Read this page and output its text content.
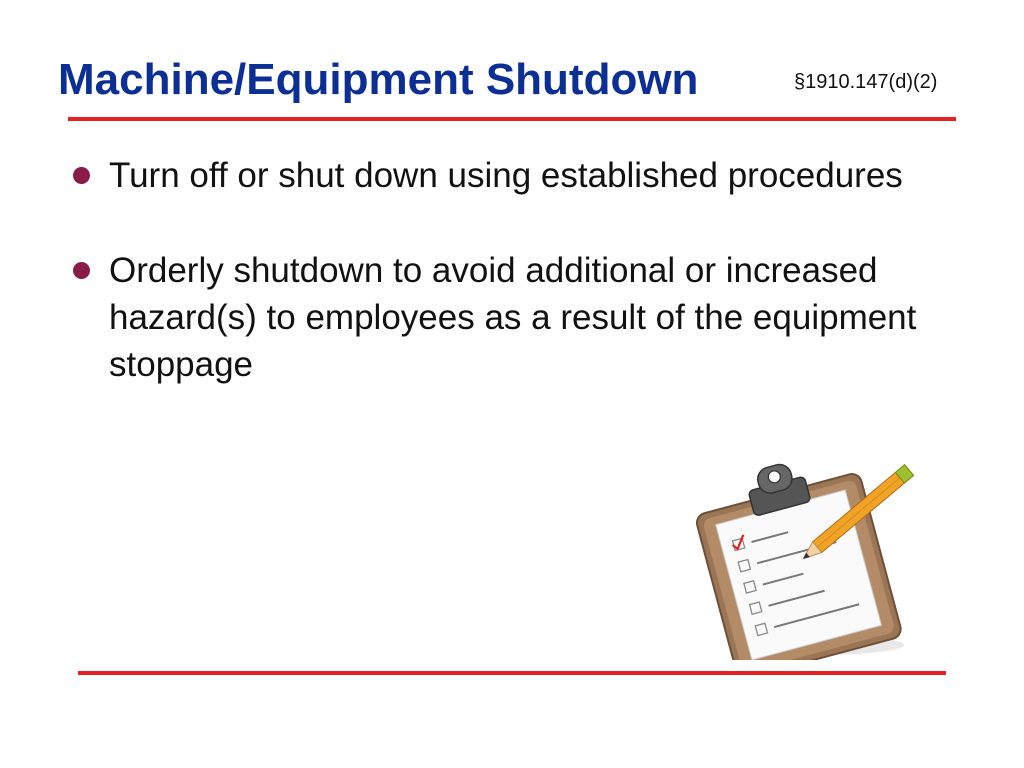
Machine/Equipment Shutdown	§1910.147(d)(2)
Turn off or shut down using established procedures
Orderly shutdown to avoid additional or increased hazard(s) to employees as a result of the equipment stoppage
